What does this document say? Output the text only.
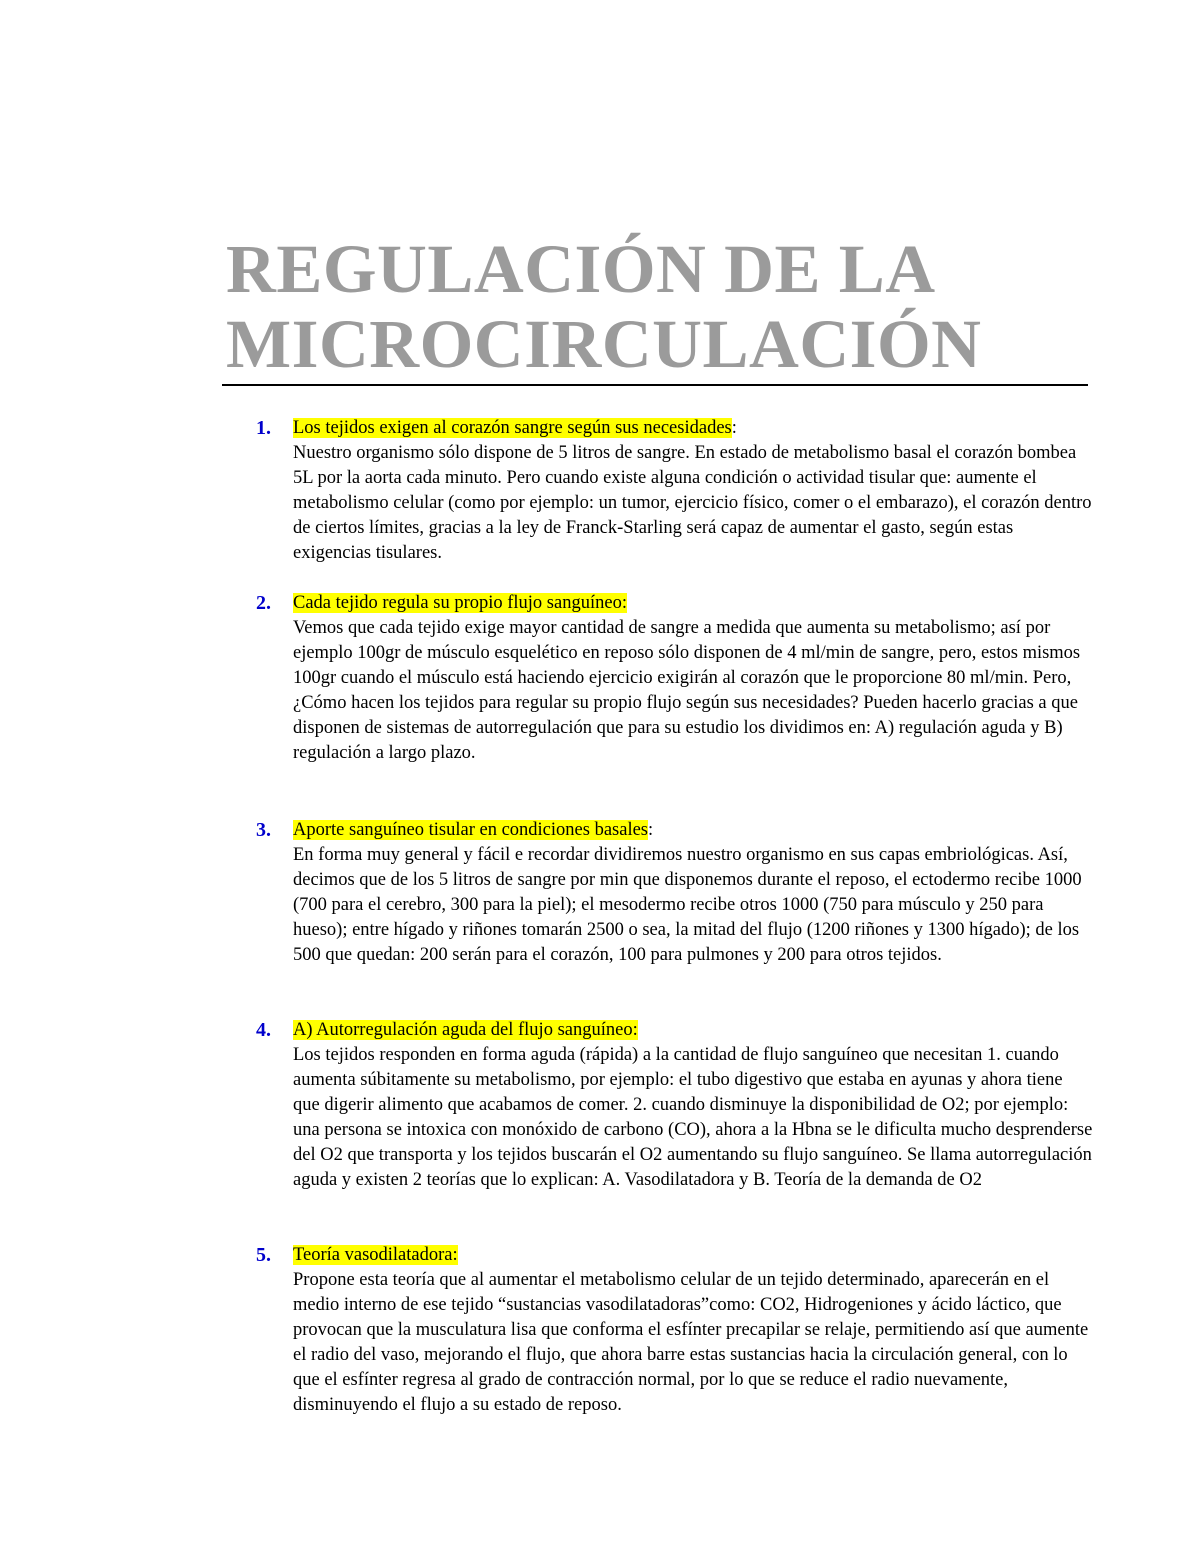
REGULACIÓN DE LA MICROCIRCULACIÓN
1. Los tejidos exigen al corazón sangre según sus necesidades:

Nuestro organismo sólo dispone de 5 litros de sangre. En estado de metabolismo basal el corazón bombea 5L por la aorta cada minuto. Pero cuando existe alguna condición o actividad tisular que: aumente el metabolismo celular (como por ejemplo: un tumor, ejercicio físico, comer o el embarazo), el corazón dentro de ciertos límites, gracias a la ley de Franck-Starling será capaz de aumentar el gasto, según estas exigencias tisulares.

2. Cada tejido regula su propio flujo sanguíneo:

Vemos que cada tejido exige mayor cantidad de sangre a medida que aumenta su metabolismo; así por ejemplo 100gr de músculo esquelético en reposo sólo disponen de 4 ml/min de sangre, pero, estos mismos 100gr cuando el músculo está haciendo ejercicio exigirán al corazón que le proporcione 80 ml/min. Pero, ¿Cómo hacen los tejidos para regular su propio flujo según sus necesidades? Pueden hacerlo gracias a que disponen de sistemas de autorregulación que para su estudio los dividimos en: A) regulación aguda y B) regulación a largo plazo.

3. Aporte sanguíneo tisular en condiciones basales:

En forma muy general y fácil e recordar dividiremos nuestro organismo en sus capas embriológicas. Así, decimos que de los 5 litros de sangre por min que disponemos durante el reposo, el ectodermo recibe 1000 (700 para el cerebro, 300 para la piel); el mesodermo recibe otros 1000 (750 para músculo y 250 para hueso); entre hígado y riñones tomarán 2500 o sea, la mitad del flujo (1200 riñones y 1300 hígado); de los 500 que quedan: 200 serán para el corazón, 100 para pulmones y 200 para otros tejidos.

4. A) Autorregulación aguda del flujo sanguíneo:

Los tejidos responden en forma aguda (rápida) a la cantidad de flujo sanguíneo que necesitan 1. cuando aumenta súbitamente su metabolismo, por ejemplo: el tubo digestivo que estaba en ayunas y ahora tiene que digerir alimento que acabamos de comer. 2. cuando disminuye la disponibilidad de O2; por ejemplo: una persona se intoxica con monóxido de carbono (CO), ahora a la Hbna se le dificulta mucho desprenderse del O2 que transporta y los tejidos buscarán el O2 aumentando su flujo sanguíneo. Se llama autorregulación aguda y existen 2 teorías que lo explican: A. Vasodilatadora y B. Teoría de la demanda de O2

5. Teoría vasodilatadora:

Propone esta teoría que al aumentar el metabolismo celular de un tejido determinado, aparecerán en el medio interno de ese tejido “sustancias vasodilatadoras”como: CO2, Hidrogeniones y ácido láctico, que provocan que la musculatura lisa que conforma el esfínter precapilar se relaje, permitiendo así que aumente el radio del vaso, mejorando el flujo, que ahora barre estas sustancias hacia la circulación general, con lo que el esfínter regresa al grado de contracción normal, por lo que se reduce el radio nuevamente, disminuyendo el flujo a su estado de reposo.
